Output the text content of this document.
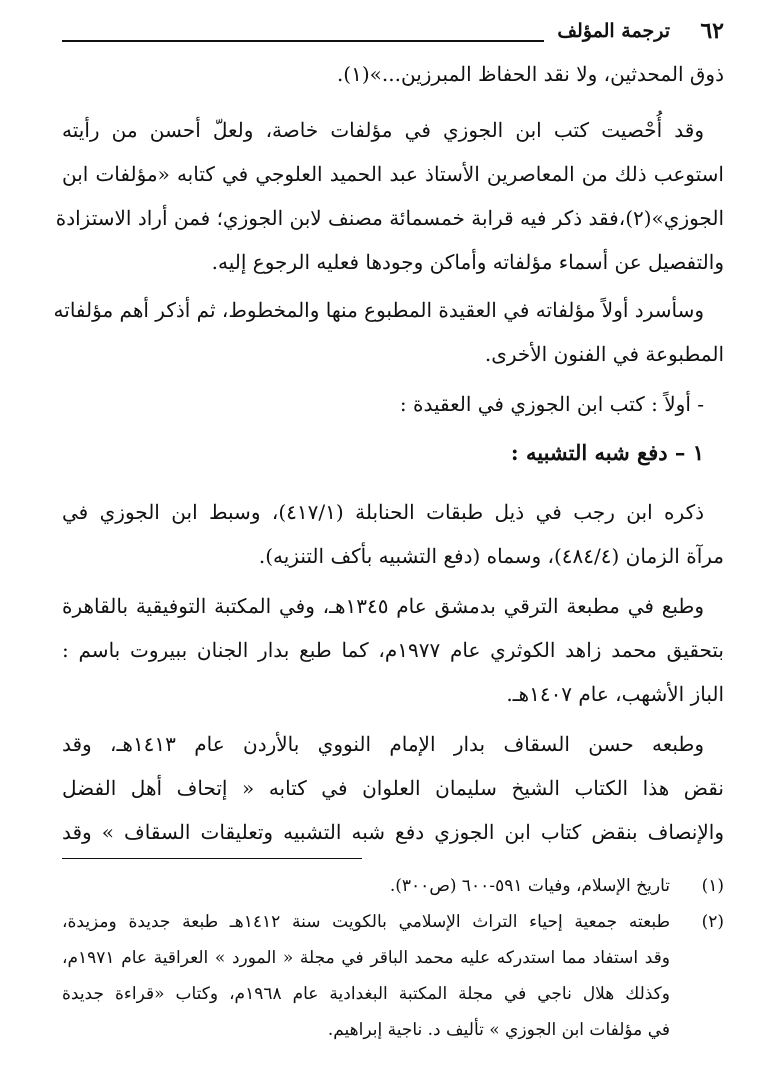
٦٢
ترجمة المؤلف
ذوق المحدثين، ولا نقد الحفاظ المبرزين...»(١).
وقد أُحْصيت كتب ابن الجوزي في مؤلفات خاصة، ولعلّ أحسن من رأيته
استوعب ذلك من المعاصرين الأستاذ عبد الحميد العلوجي في كتابه «مؤلفات ابن
الجوزي»(٢)،فقد ذكر فيه قرابة خمسمائة مصنف لابن الجوزي؛ فمن أراد الاستزادة
والتفصيل عن أسماء مؤلفاته وأماكن وجودها فعليه الرجوع إليه.
وسأسرد أولاً مؤلفاته في العقيدة المطبوع منها والمخطوط، ثم أذكر أهم مؤلفاته
المطبوعة في الفنون الأخرى.
- أولاً : كتب ابن الجوزي في العقيدة :
١ – دفع شبه التشبيه :
ذكره ابن رجب في ذيل طبقات الحنابلة (٤١٧/١)، وسبط ابن الجوزي في
مرآة الزمان (٤٨٤/٤)، وسماه (دفع التشبيه بأكف التنزيه).
وطبع في مطبعة الترقي بدمشق عام ١٣٤٥هـ، وفي المكتبة التوفيقية بالقاهرة
بتحقيق محمد زاهد الكوثري عام ١٩٧٧م، كما طبع بدار الجنان ببيروت باسم :
الباز الأشهب، عام ١٤٠٧هـ.
وطبعه حسن السقاف بدار الإمام النووي بالأردن عام ١٤١٣هـ، وقد
نقض هذا الكتاب الشيخ سليمان العلوان في كتابه « إتحاف أهل الفضل
والإنصاف بنقض كتاب ابن الجوزي دفع شبه التشبيه وتعليقات السقاف » وقد
(١)
تاريخ الإسلام، وفيات ٥٩١-٦٠٠ (ص٣٠٠).
(٢)
طبعته جمعية إحياء التراث الإسلامي بالكويت سنة ١٤١٢هـ طبعة جديدة ومزيدة،
وقد استفاد مما استدركه عليه محمد الباقر في مجلة « المورد » العراقية عام ١٩٧١م،
وكذلك هلال ناجي في مجلة المكتبة البغدادية عام ١٩٦٨م، وكتاب «قراءة جديدة
في مؤلفات ابن الجوزي » تأليف د. ناجية إبراهيم.
